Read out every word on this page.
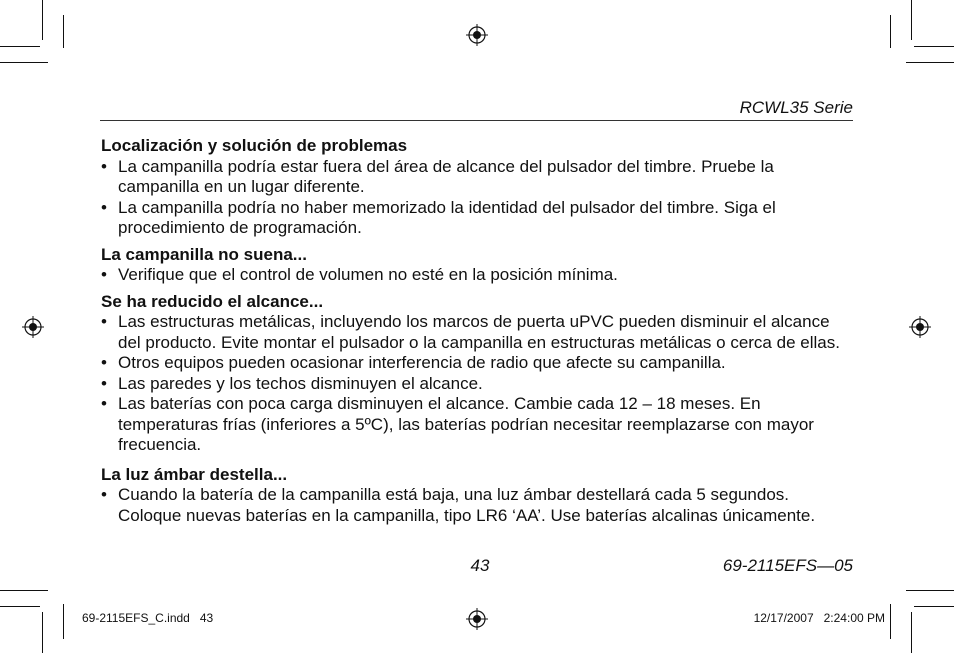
RCWL35 Serie
Localización y solución de problemas
• La campanilla podría estar fuera del área de alcance del pulsador del timbre. Pruebe la campanilla en un lugar diferente.
• La campanilla podría no haber memorizado la identidad del pulsador del timbre. Siga el procedimiento de programación.
La campanilla no suena...
• Verifique que el control de volumen no esté en la posición mínima.
Se ha reducido el alcance...
• Las estructuras metálicas, incluyendo los marcos de puerta uPVC pueden disminuir el alcance del producto. Evite montar el pulsador o la campanilla en estructuras metálicas o cerca de ellas.
• Otros equipos pueden ocasionar interferencia de radio que afecte su campanilla.
• Las paredes y los techos disminuyen el alcance.
• Las baterías con poca carga disminuyen el alcance. Cambie cada 12 – 18 meses. En temperaturas frías (inferiores a 5ºC), las baterías podrían necesitar reemplazarse con mayor frecuencia.
La luz ámbar destella...
• Cuando la batería de la campanilla está baja, una luz ámbar destellará cada 5 segundos. Coloque nuevas baterías en la campanilla, tipo LR6 ‘AA’. Use baterías alcalinas únicamente.
43	69-2115EFS—05
69-2115EFS_C.indd   43	12/17/2007   2:24:00 PM
